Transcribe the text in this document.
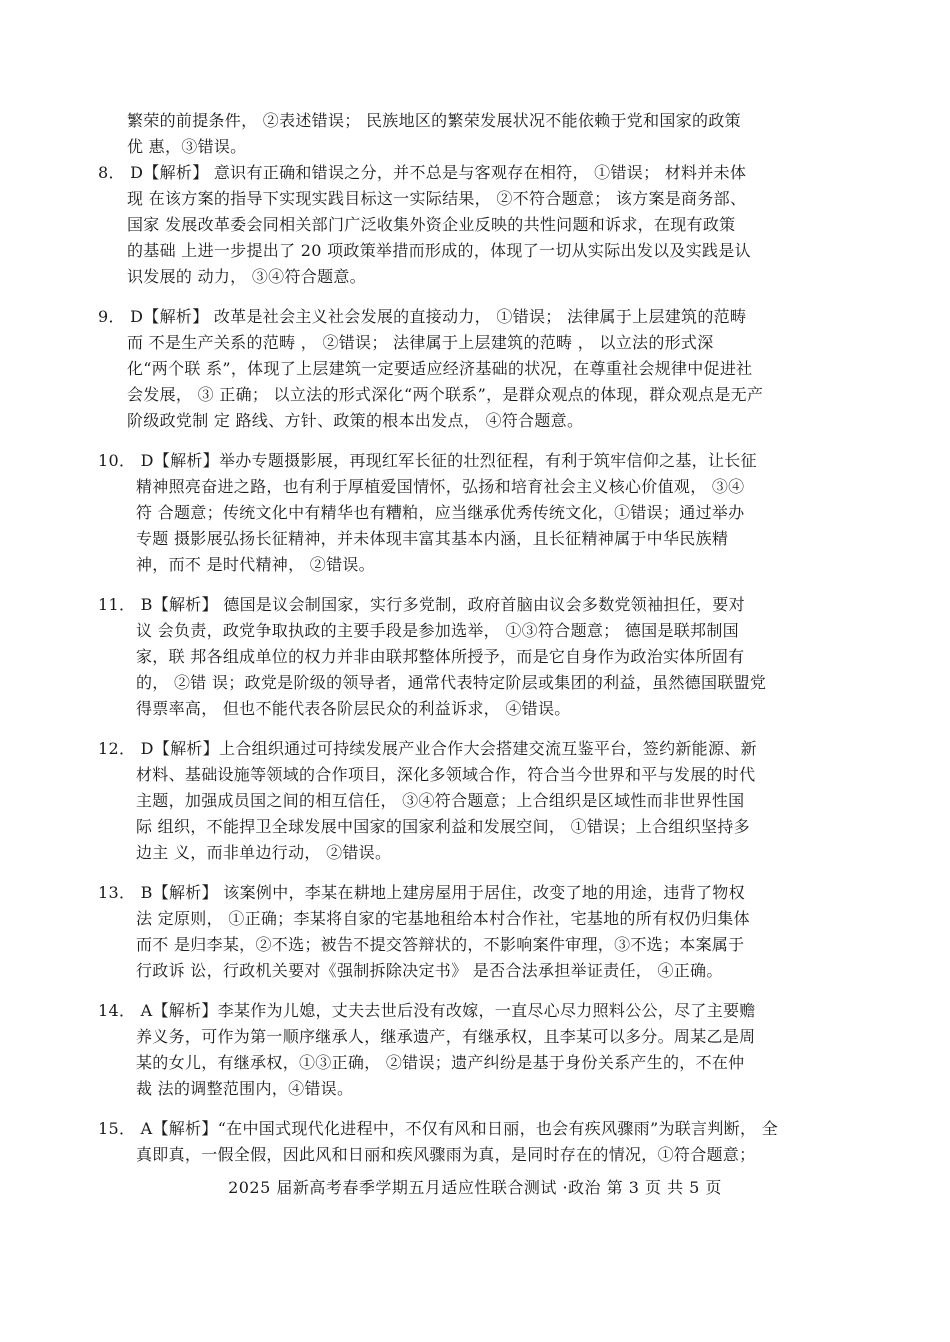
繁荣的前提条件， ②表述错误； 民族地区的繁荣发展状况不能依赖于党和国家的政策
优 惠，③错误。
8． D【解析】 意识有正确和错误之分，并不总是与客观存在相符， ①错误； 材料并未体
现 在该方案的指导下实现实践目标这一实际结果， ②不符合题意； 该方案是商务部、
国家 发展改革委会同相关部门广泛收集外资企业反映的共性问题和诉求，在现有政策
的基础 上进一步提出了 20 项政策举措而形成的，体现了一切从实际出发以及实践是认
识发展的 动力， ③④符合题意。
9． D【解析】 改革是社会主义社会发展的直接动力， ①错误； 法律属于上层建筑的范畴
而 不是生产关系的范畴 ， ②错误； 法律属于上层建筑的范畴 ， 以立法的形式深
化“两个联 系”，体现了上层建筑一定要适应经济基础的状况，在尊重社会规律中促进社
会发展， ③ 正确； 以立法的形式深化“两个联系”，是群众观点的体现，群众观点是无产
阶级政党制 定 路线、方针、政策的根本出发点， ④符合题意。
10． D【解析】举办专题摄影展，再现红军长征的壮烈征程，有利于筑牢信仰之基，让长征
精神照亮奋进之路，也有利于厚植爱国情怀，弘扬和培育社会主义核心价值观， ③④
符 合题意；传统文化中有精华也有糟粕，应当继承优秀传统文化，①错误；通过举办
专题 摄影展弘扬长征精神，并未体现丰富其基本内涵，且长征精神属于中华民族精
神，而不 是时代精神， ②错误。
11． B【解析】 德国是议会制国家，实行多党制，政府首脑由议会多数党领袖担任，要对
议 会负责，政党争取执政的主要手段是参加选举， ①③符合题意； 德国是联邦制国
家，联 邦各组成单位的权力并非由联邦整体所授予，而是它自身作为政治实体所固有
的， ②错 误；政党是阶级的领导者，通常代表特定阶层或集团的利益，虽然德国联盟党
得票率高， 但也不能代表各阶层民众的利益诉求， ④错误。
12． D【解析】上合组织通过可持续发展产业合作大会搭建交流互鉴平台，签约新能源、新
材料、基础设施等领域的合作项目，深化多领域合作，符合当今世界和平与发展的时代
主题，加强成员国之间的相互信任， ③④符合题意；上合组织是区域性而非世界性国
际 组织，不能捍卫全球发展中国家的国家利益和发展空间， ①错误；上合组织坚持多
边主 义，而非单边行动， ②错误。
13． B【解析】 该案例中，李某在耕地上建房屋用于居住，改变了地的用途，违背了物权
法 定原则， ①正确；李某将自家的宅基地租给本村合作社，宅基地的所有权仍归集体
而不 是归李某，②不选；被告不提交答辩状的，不影响案件审理，③不选；本案属于
行政诉 讼，行政机关要对《强制拆除决定书》 是否合法承担举证责任， ④正确。
14． A【解析】李某作为儿媳，丈夫去世后没有改嫁，一直尽心尽力照料公公，尽了主要赡
养义务，可作为第一顺序继承人，继承遗产，有继承权，且李某可以多分。周某乙是周
某的女儿，有继承权，①③正确， ②错误；遗产纠纷是基于身份关系产生的，不在仲
裁 法的调整范围内，④错误。
15． A【解析】“在中国式现代化进程中，不仅有风和日丽，也会有疾风骤雨”为联言判断， 全
真即真，一假全假，因此风和日丽和疾风骤雨为真，是同时存在的情况，①符合题意；
2025 届新高考春季学期五月适应性联合测试 ·政治 第 3 页 共 5 页
